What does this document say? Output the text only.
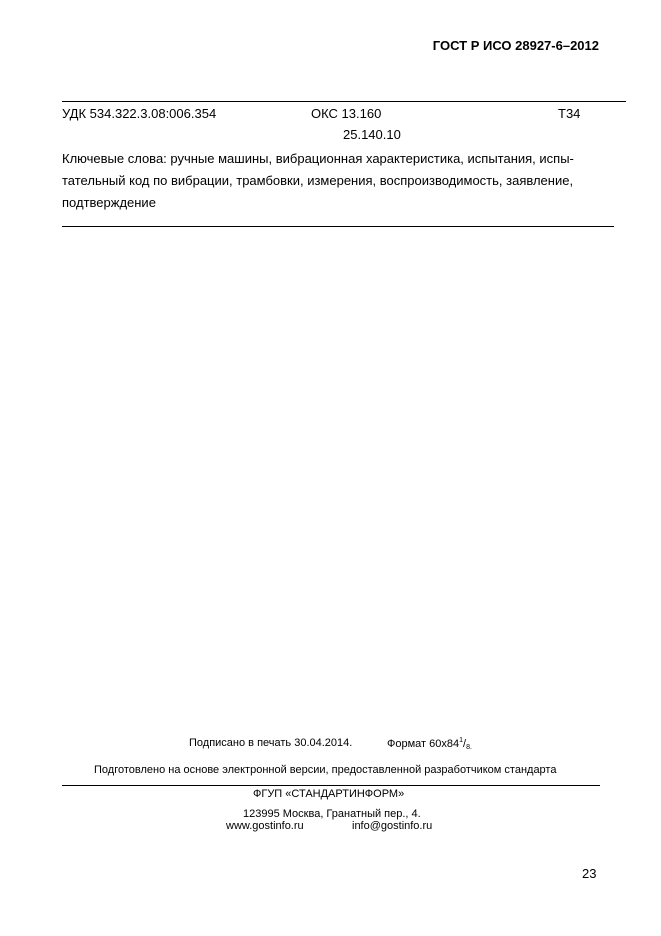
ГОСТ Р ИСО 28927-6–2012
УДК 534.322.3.08:006.354	ОКС 13.160	Т34
25.140.10
Ключевые слова: ручные машины, вибрационная характеристика, испытания, испы-
тательный код по вибрации, трамбовки, измерения, воспроизводимость, заявление,
подтверждение
Подписано в печать 30.04.2014.	Формат $60х84^1/_{8.}$
Подготовлено на основе электронной версии, предоставленной разработчиком стандарта
ФГУП «СТАНДАРТИНФОРМ»
123995 Москва, Гранатный пер., 4.
www.gostinfo.ru	info@gostinfo.ru
23
